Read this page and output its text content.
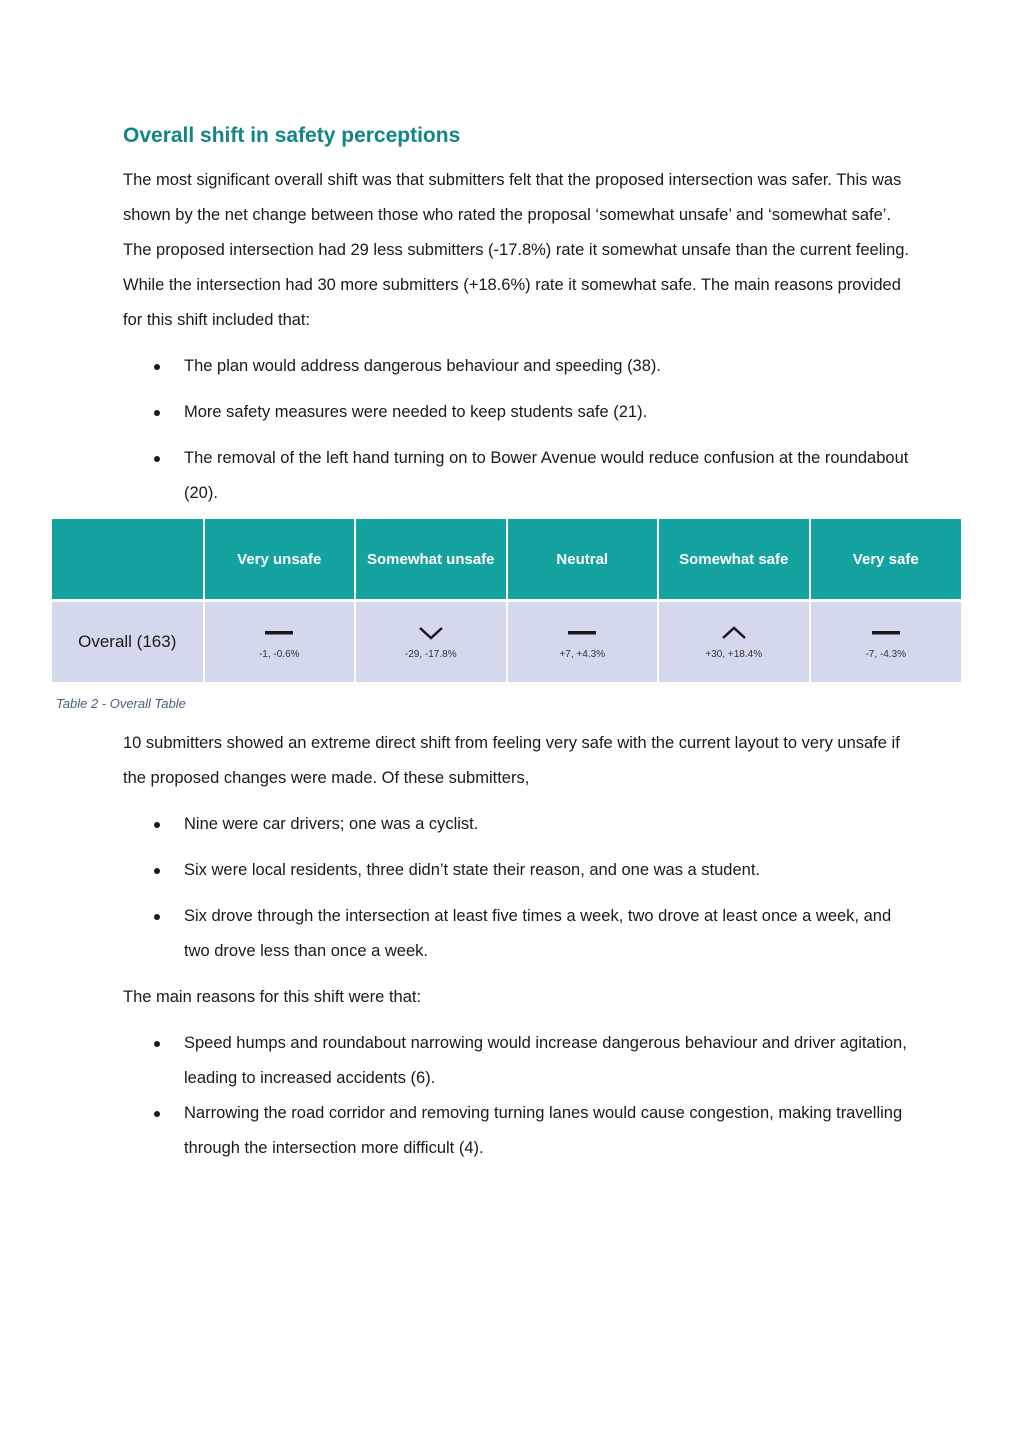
Overall shift in safety perceptions

The most significant overall shift was that submitters felt that the proposed intersection was safer. This was shown by the net change between those who rated the proposal ‘somewhat unsafe’ and ‘somewhat safe’. The proposed intersection had 29 less submitters (-17.8%) rate it somewhat unsafe than the current feeling. While the intersection had 30 more submitters (+18.6%) rate it somewhat safe. The main reasons provided for this shift included that:

The plan would address dangerous behaviour and speeding (38).
More safety measures were needed to keep students safe (21).
The removal of the left hand turning on to Bower Avenue would reduce confusion at the roundabout (20).
	Very unsafe	Somewhat unsafe	Neutral	Somewhat safe	Very safe
Overall (163)	-1, -0.6%	-29, -17.8%	+7, +4.3%	+30, +18.4%	-7, -4.3%

Table 2 - Overall Table

10 submitters showed an extreme direct shift from feeling very safe with the current layout to very unsafe if the proposed changes were made. Of these submitters,

Nine were car drivers; one was a cyclist.
Six were local residents, three didn’t state their reason, and one was a student.
Six drove through the intersection at least five times a week, two drove at least once a week, and two drove less than once a week.

The main reasons for this shift were that:

Speed humps and roundabout narrowing would increase dangerous behaviour and driver agitation, leading to increased accidents (6).
Narrowing the road corridor and removing turning lanes would cause congestion, making travelling through the intersection more difficult (4).
